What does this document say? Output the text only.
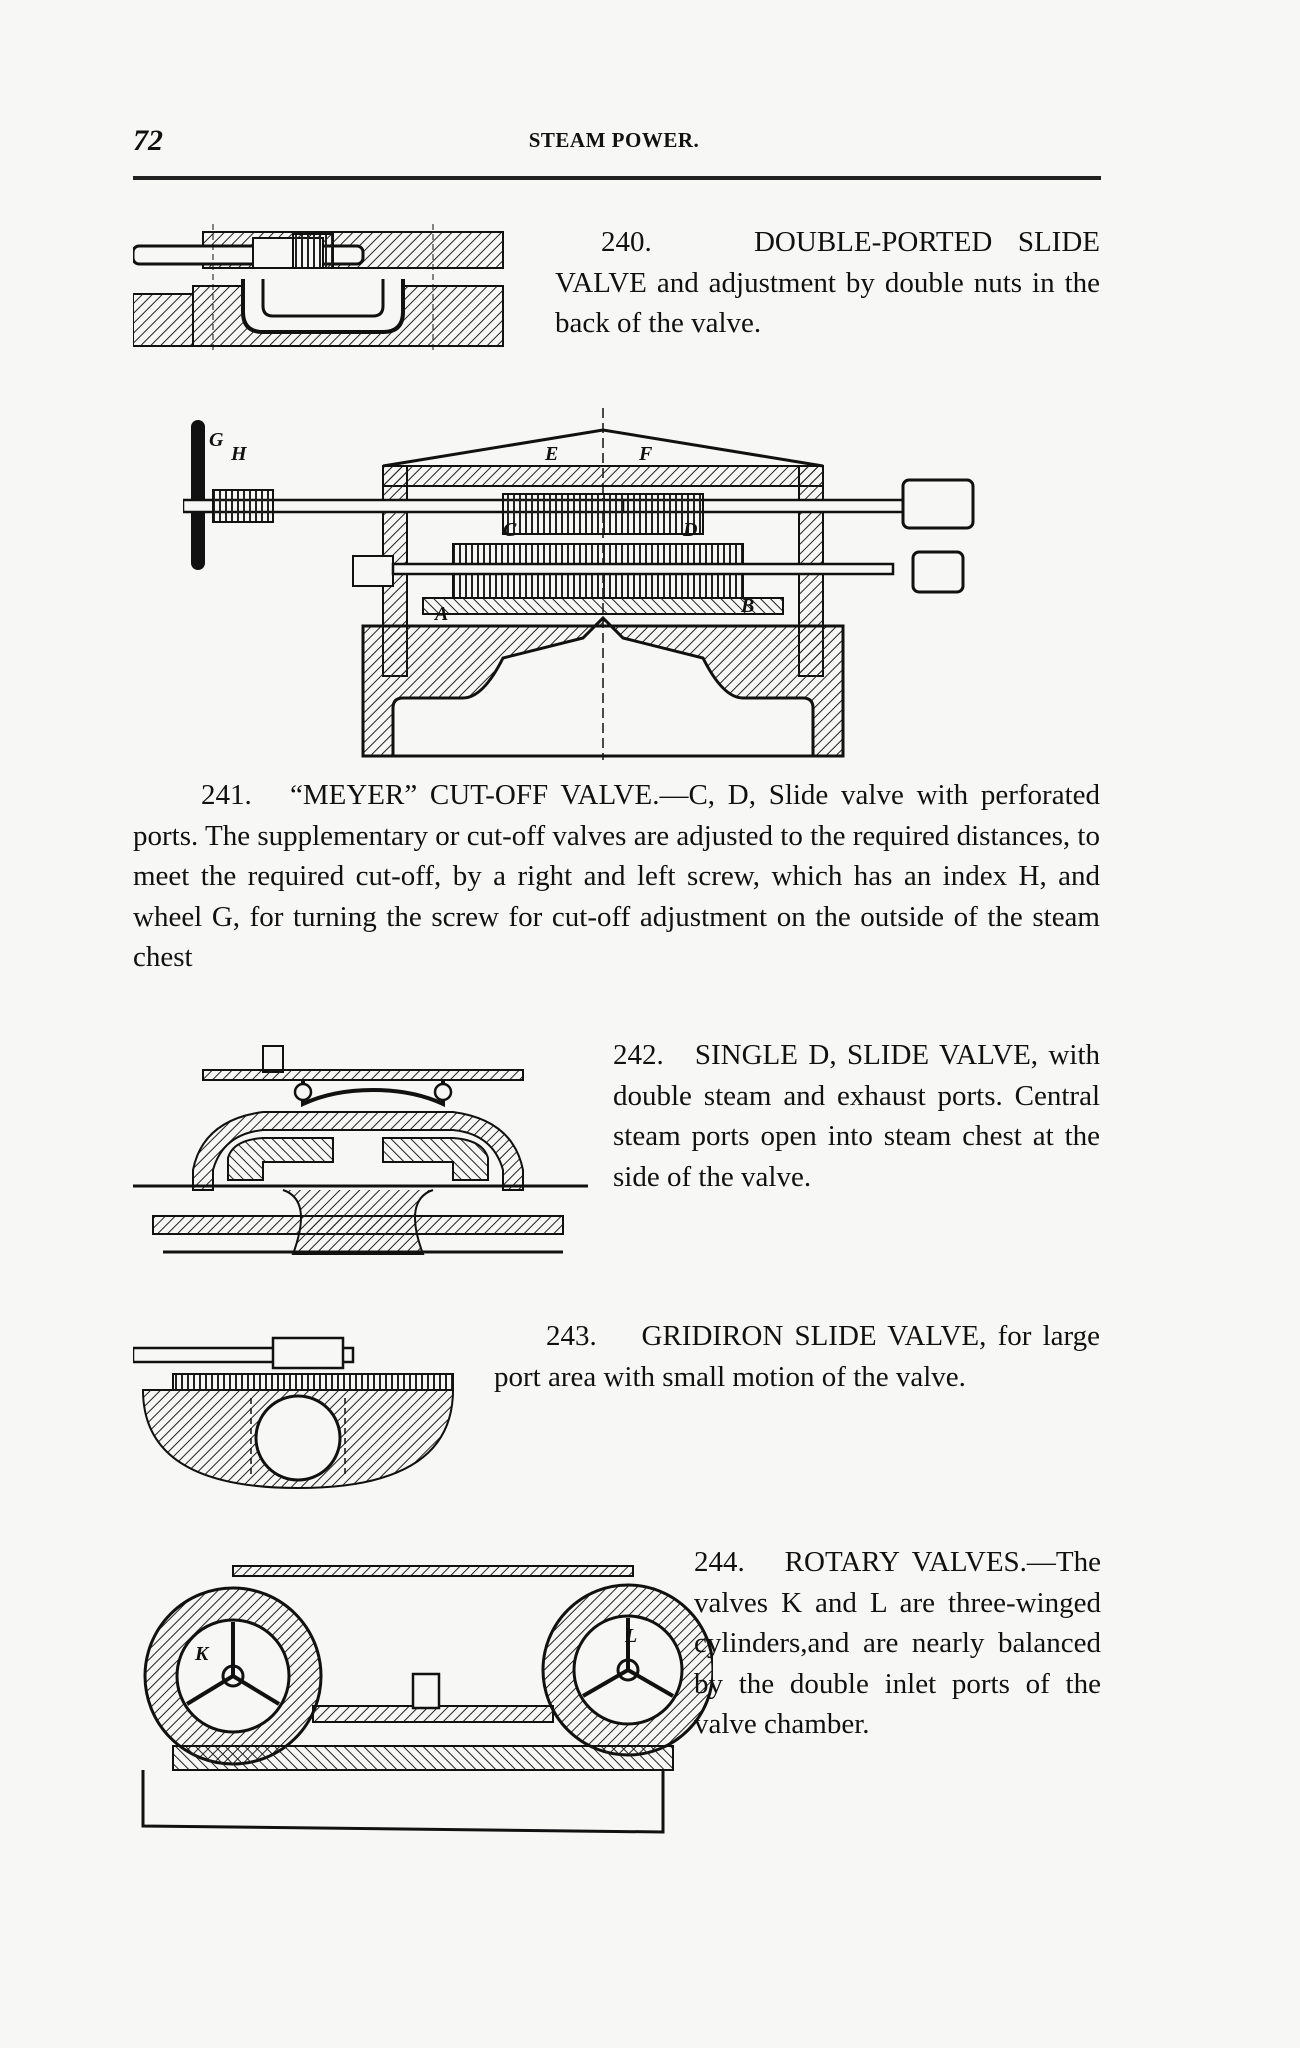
72	STEAM POWER.

240.	DOUBLE-PORTED SLIDE VALVE and adjustment by double nuts in the back of the valve.

G
H	E	F
C	D
A	B

241. “MEYER” CUT-OFF VALVE.—C, D, Slide valve with perforated ports. The supplementary or cut-off valves are adjusted to the required distances, to meet the required cut-off, by a right and left screw, which has an index H, and wheel G, for turning the screw for cut-off adjustment on the outside of the steam chest

242. SINGLE D, SLIDE VALVE, with double steam and exhaust ports. Central steam ports open into steam chest at the side of the valve.

243. GRIDIRON SLIDE VALVE, for large port area with small motion of the valve.

K
L

244. ROTARY VALVES.—The valves K and L are three-winged cylinders,and are nearly balanced by the double inlet ports of the valve chamber.
